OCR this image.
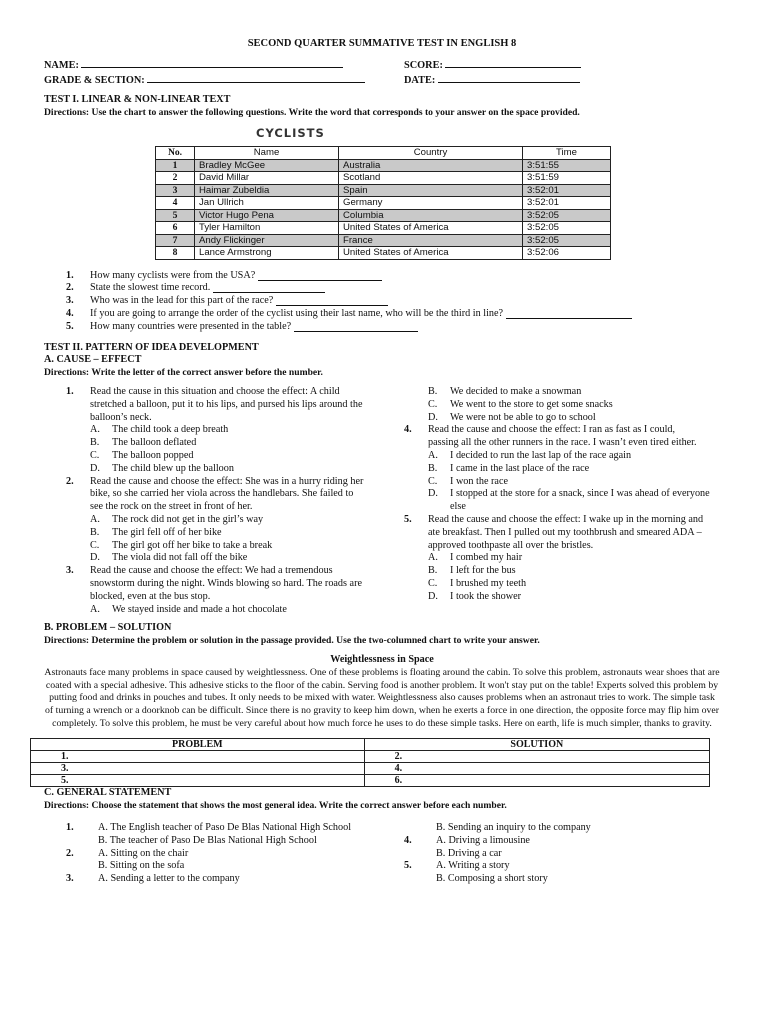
SECOND QUARTER SUMMATIVE TEST IN ENGLISH 8
NAME:	SCORE:
GRADE & SECTION:	DATE:
TEST I. LINEAR & NON-LINEAR TEXT
Directions: Use the chart to answer the following questions. Write the word that corresponds to your answer on the space provided.
CYCLISTS
No.	Name	Country	Time
1	Bradley McGee	Australia	3:51:55
2	David Millar	Scotland	3:51:59
3	Haimar Zubeldia	Spain	3:52:01
4	Jan Ullrich	Germany	3:52:01
5	Victor Hugo Pena	Columbia	3:52:05
6	Tyler Hamilton	United States of America	3:52:05
7	Andy Flickinger	France	3:52:05
8	Lance Armstrong	United States of America	3:52:06
1.	How many cyclists were from the USA?
2.	State the slowest time record.
3.	Who was in the lead for this part of the race?
4.	If you are going to arrange the order of the cyclist using their last name, who will be the third in line?
5.	How many countries were presented in the table?
TEST II. PATTERN OF IDEA DEVELOPMENT
A. CAUSE – EFFECT
Directions: Write the letter of the correct answer before the number.
1.	Read the cause in this situation and choose the effect: A child stretched a balloon, put it to his lips, and pursed his lips around the balloon’s neck.
A.	The child took a deep breath
B.	The balloon deflated
C.	The balloon popped
D.	The child blew up the balloon
2.	Read the cause and choose the effect: She was in a hurry riding her bike, so she carried her viola across the handlebars. She failed to see the rock on the street in front of her.
A.	The rock did not get in the girl’s way
B.	The girl fell off of her bike
C.	The girl got off her bike to take a break
D.	The viola did not fall off the bike
3.	Read the cause and choose the effect: We had a tremendous snowstorm during the night. Winds blowing so hard. The roads are blocked, even at the bus stop.
A.	We stayed inside and made a hot chocolate
B.	We decided to make a snowman
C.	We went to the store to get some snacks
D.	We were not be able to go to school
4.	Read the cause and choose the effect: I ran as fast as I could, passing all the other runners in the race. I wasn’t even tired either.
A.	I decided to run the last lap of the race again
B.	I came in the last place of the race
C.	I won the race
D.	I stopped at the store for a snack, since I was ahead of everyone else
5.	Read the cause and choose the effect: I wake up in the morning and ate breakfast. Then I pulled out my toothbrush and smeared ADA – approved toothpaste all over the bristles.
A.	I combed my hair
B.	I left for the bus
C.	I brushed my teeth
D.	I took the shower
B. PROBLEM – SOLUTION
Directions: Determine the problem or solution in the passage provided. Use the two-columned chart to write your answer.
Weightlessness in Space
Astronauts face many problems in space caused by weightlessness. One of these problems is floating around the cabin. To solve this problem, astronauts wear shoes that are coated with a special adhesive. This adhesive sticks to the floor of the cabin. Serving food is another problem. It won't stay put on the table! Experts solved this problem by putting food and drinks in pouches and tubes. It only needs to be mixed with water. Weightlessness also causes problems when an astronaut tries to work. The simple task of turning a wrench or a doorknob can be difficult. Since there is no gravity to keep him down, when he exerts a force in one direction, the opposite force may flip him over completely. To solve this problem, he must be very careful about how much force he uses to do these simple tasks. Here on earth, life is much simpler, thanks to gravity.
PROBLEM	SOLUTION
1.	2.
3.	4.
5.	6.
C. GENERAL STATEMENT
Directions: Choose the statement that shows the most general idea. Write the correct answer before each number.
1.	A. The English teacher of Paso De Blas National High School
B. The teacher of Paso De Blas National High School
2.	A. Sitting on the chair
B. Sitting on the sofa
3.	A. Sending a letter to the company
B. Sending an inquiry to the company
4.	A. Driving a limousine
B. Driving a car
5.	A. Writing a story
B. Composing a short story
